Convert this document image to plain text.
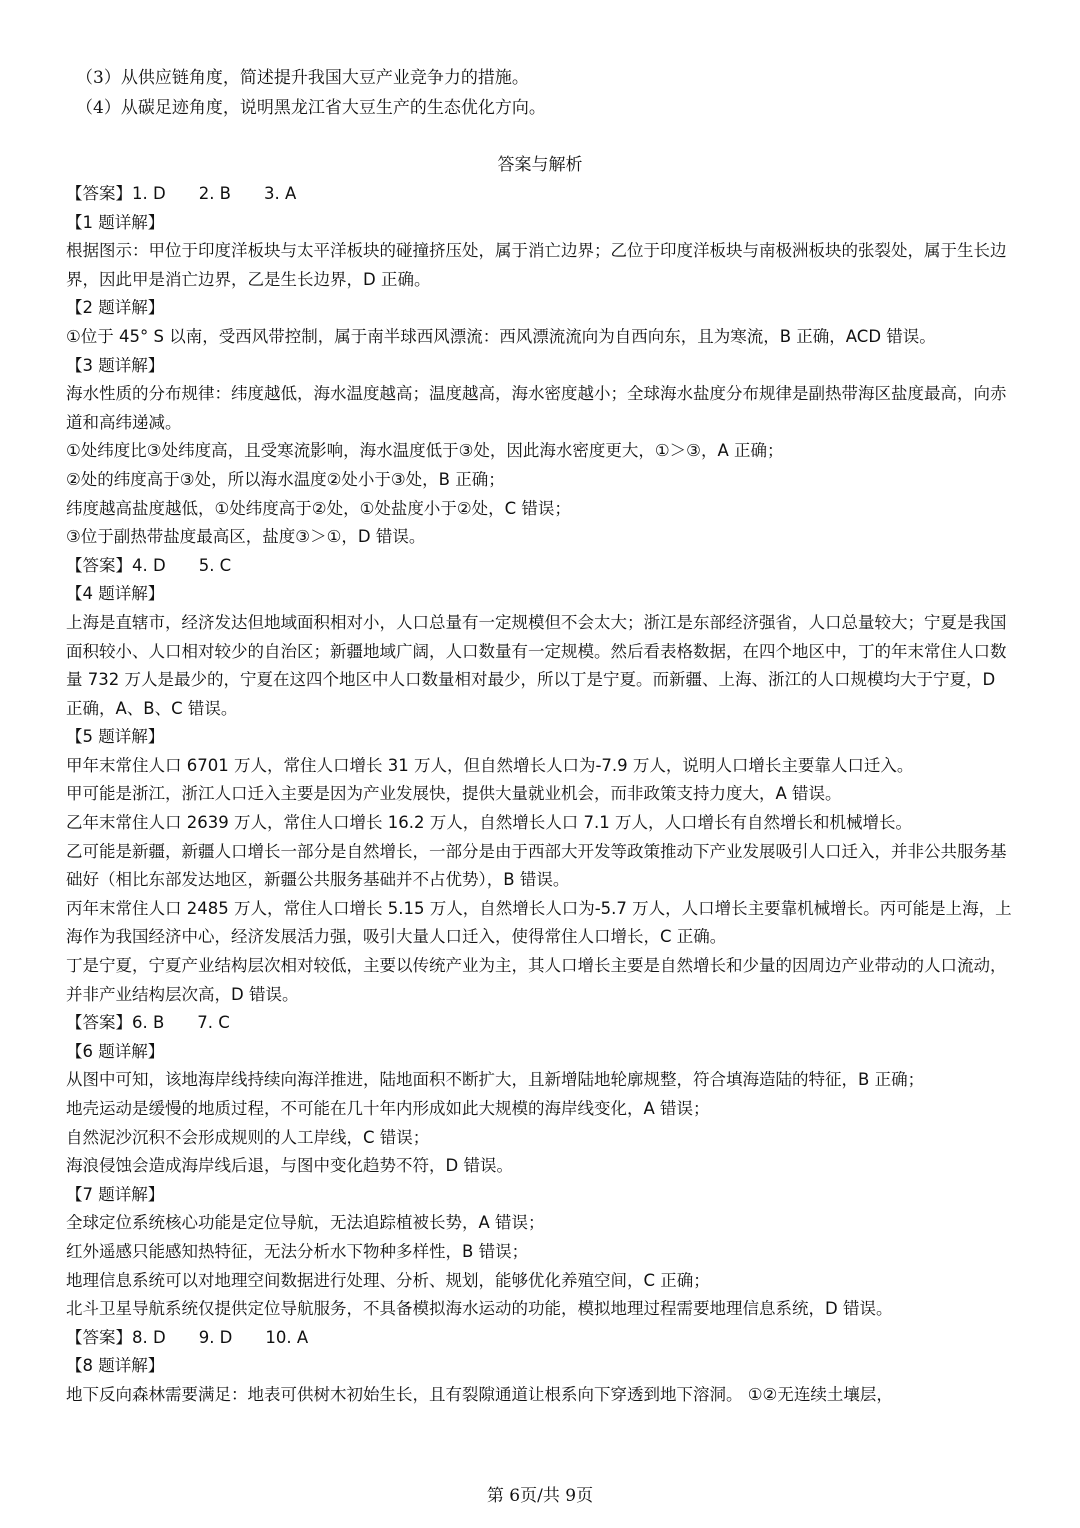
（3）从供应链角度，简述提升我国大豆产业竞争力的措施。
（4）从碳足迹角度，说明黑龙江省大豆生产的生态优化方向。
答案与解析

【答案】1. D　　2. B　　3. A

【1 题详解】

根据图示：甲位于印度洋板块与太平洋板块的碰撞挤压处，属于消亡边界；乙位于印度洋板块与南极洲板块的张裂处，属于生长边界，因此甲是消亡边界，乙是生长边界，D 正确。

【2 题详解】

①位于 45° S 以南，受西风带控制，属于南半球西风漂流：西风漂流流向为自西向东，且为寒流，B 正确，ACD 错误。

【3 题详解】

海水性质的分布规律：纬度越低，海水温度越高；温度越高，海水密度越小；全球海水盐度分布规律是副热带海区盐度最高，向赤道和高纬递减。

①处纬度比③处纬度高，且受寒流影响，海水温度低于③处，因此海水密度更大，①＞③，A 正确；

②处的纬度高于③处，所以海水温度②处小于③处，B 正确；

纬度越高盐度越低，①处纬度高于②处，①处盐度小于②处，C 错误；

③位于副热带盐度最高区，盐度③＞①，D 错误。

【答案】4. D　　5. C

【4 题详解】

上海是直辖市，经济发达但地域面积相对小，人口总量有一定规模但不会太大；浙江是东部经济强省，人口总量较大；宁夏是我国面积较小、人口相对较少的自治区；新疆地域广阔，人口数量有一定规模。然后看表格数据，在四个地区中，丁的年末常住人口数量 732 万人是最少的，宁夏在这四个地区中人口数量相对最少，所以丁是宁夏。而新疆、上海、浙江的人口规模均大于宁夏，D 正确，A、B、C 错误。

【5 题详解】

甲年末常住人口 6701 万人，常住人口增长 31 万人，但自然增长人口为-7.9 万人，说明人口增长主要靠人口迁入。

甲可能是浙江，浙江人口迁入主要是因为产业发展快，提供大量就业机会，而非政策支持力度大，A 错误。

乙年末常住人口 2639 万人，常住人口增长 16.2 万人，自然增长人口 7.1 万人，人口增长有自然增长和机械增长。

乙可能是新疆，新疆人口增长一部分是自然增长，一部分是由于西部大开发等政策推动下产业发展吸引人口迁入，并非公共服务基础好（相比东部发达地区，新疆公共服务基础并不占优势），B 错误。

丙年末常住人口 2485 万人，常住人口增长 5.15 万人，自然增长人口为-5.7 万人，人口增长主要靠机械增长。丙可能是上海，上海作为我国经济中心，经济发展活力强，吸引大量人口迁入，使得常住人口增长，C 正确。

丁是宁夏，宁夏产业结构层次相对较低，主要以传统产业为主，其人口增长主要是自然增长和少量的因周边产业带动的人口流动，并非产业结构层次高，D 错误。

【答案】6. B　　7. C

【6 题详解】

从图中可知，该地海岸线持续向海洋推进，陆地面积不断扩大，且新增陆地轮廓规整，符合填海造陆的特征，B 正确；

地壳运动是缓慢的地质过程，不可能在几十年内形成如此大规模的海岸线变化，A 错误；

自然泥沙沉积不会形成规则的人工岸线，C 错误；

海浪侵蚀会造成海岸线后退，与图中变化趋势不符，D 错误。

【7 题详解】

全球定位系统核心功能是定位导航，无法追踪植被长势，A 错误；

红外遥感只能感知热特征，无法分析水下物种多样性，B 错误；

地理信息系统可以对地理空间数据进行处理、分析、规划，能够优化养殖空间，C 正确；

北斗卫星导航系统仅提供定位导航服务，不具备模拟海水运动的功能，模拟地理过程需要地理信息系统，D 错误。

【答案】8. D　　9. D　　10. A

【8 题详解】

地下反向森林需要满足：地表可供树木初始生长，且有裂隙通道让根系向下穿透到地下溶洞。 ①②无连续土壤层，

第 6页/共 9页
